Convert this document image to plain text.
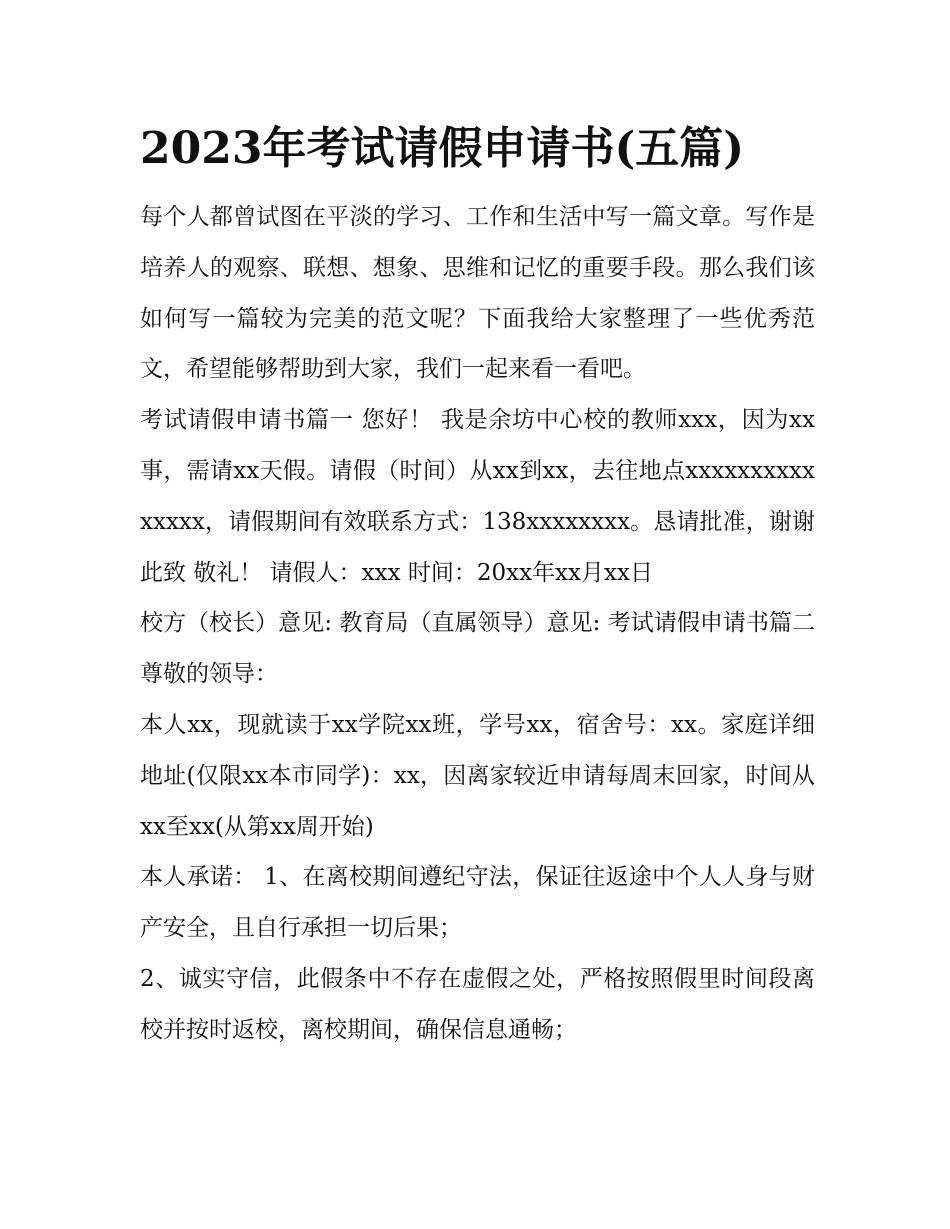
2023年考试请假申请书(五篇)

每个人都曾试图在平淡的学习、工作和生活中写一篇文章。写作是培养人的观察、联想、想象、思维和记忆的重要手段。那么我们该如何写一篇较为完美的范文呢？下面我给大家整理了一些优秀范文，希望能够帮助到大家，我们一起来看一看吧。

考试请假申请书篇一 您好！ 我是余坊中心校的教师xxx，因为xx事，需请xx天假。请假（时间）从xx到xx，去往地点xxxxxxxxxxxxxxx，请假期间有效联系方式：138xxxxxxxx。恳请批准，谢谢 此致 敬礼！ 请假人：xxx 时间：20xx年xx月xx日

校方（校长）意见: 教育局（直属领导）意见: 考试请假申请书篇二 尊敬的领导：

本人xx，现就读于xx学院xx班，学号xx，宿舍号：xx。家庭详细地址(仅限xx本市同学)：xx，因离家较近申请每周末回家，时间从xx至xx(从第xx周开始)

本人承诺： 1、在离校期间遵纪守法，保证往返途中个人人身与财产安全，且自行承担一切后果；

2、诚实守信，此假条中不存在虚假之处，严格按照假里时间段离校并按时返校，离校期间，确保信息通畅；
